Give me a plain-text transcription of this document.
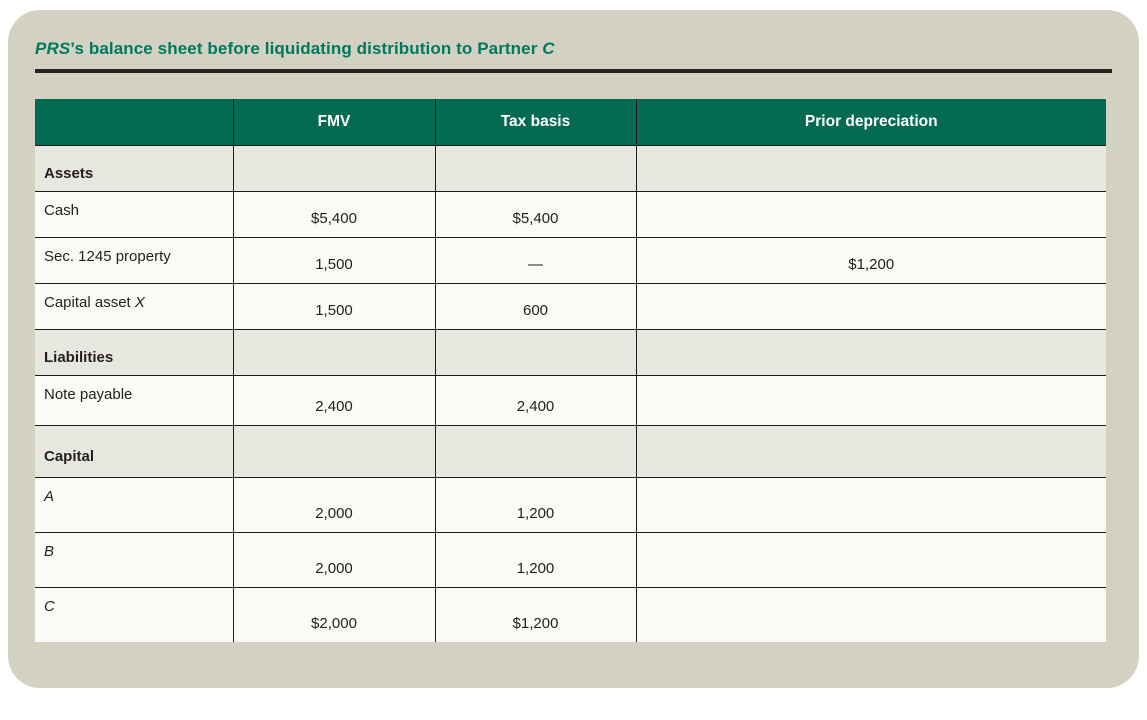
PRS’s balance sheet before liquidating distribution to Partner C
	FMV	Tax basis	Prior depreciation
Assets			
Cash	$5,400	$5,400	
Sec. 1245 property	1,500	—	$1,200
Capital asset X	1,500	600	
Liabilities			
Note payable	2,400	2,400	
Capital			
A	2,000	1,200	
B	2,000	1,200	
C	$2,000	$1,200	
